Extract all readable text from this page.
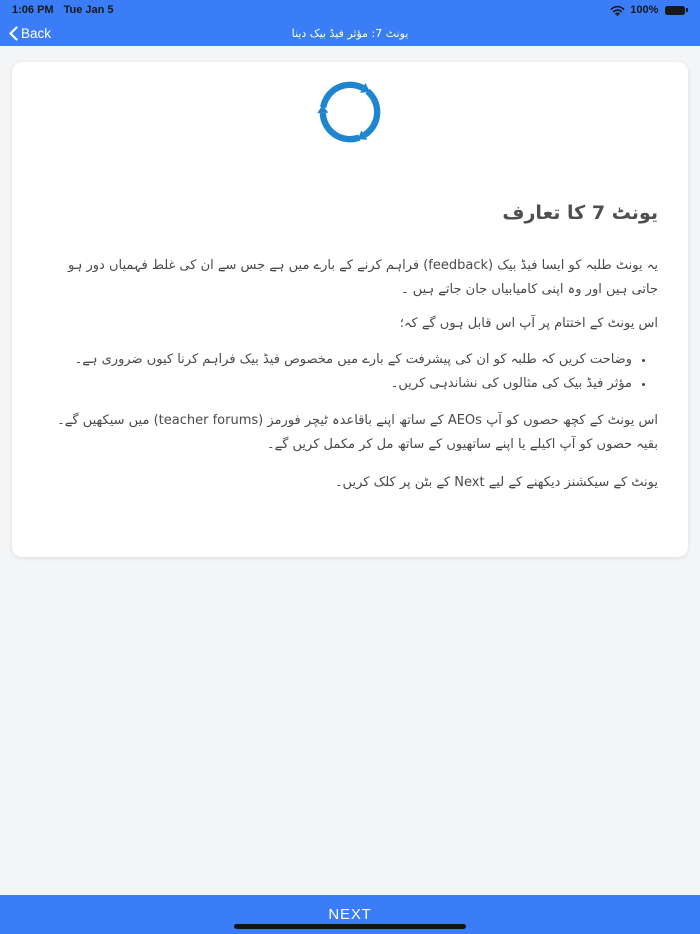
1:06 PM Tue Jan 5	100%
Back	یونٹ 7: مؤثر فیڈ بیک دینا
یونٹ 7 کا تعارف

یہ یونٹ طلبہ کو ایسا فیڈ بیک (feedback) فراہم کرنے کے بارے میں ہے جس سے ان کی غلط فہمیاں دور ہو جاتی ہیں اور وہ اپنی کامیابیاں جان جاتے ہیں ۔

اس یونٹ کے اختتام پر آپ اس قابل ہوں گے کہ؛

• وضاحت کریں کہ طلبہ کو ان کی پیشرفت کے بارے میں مخصوص فیڈ بیک فراہم کرنا کیوں ضروری ہے۔
• مؤثر فیڈ بیک کی مثالوں کی نشاندہی کریں۔

اس یونٹ کے کچھ حصوں کو آپ AEOs کے ساتھ اپنے باقاعدہ ٹیچر فورمز (teacher forums) میں سیکھیں گے۔ بقیہ حصوں کو آپ اکیلے یا اپنے ساتھیوں کے ساتھ مل کر مکمل کریں گے۔

یونٹ کے سیکشنز دیکھنے کے لیے Next کے بٹن پر کلک کریں۔

NEXT
